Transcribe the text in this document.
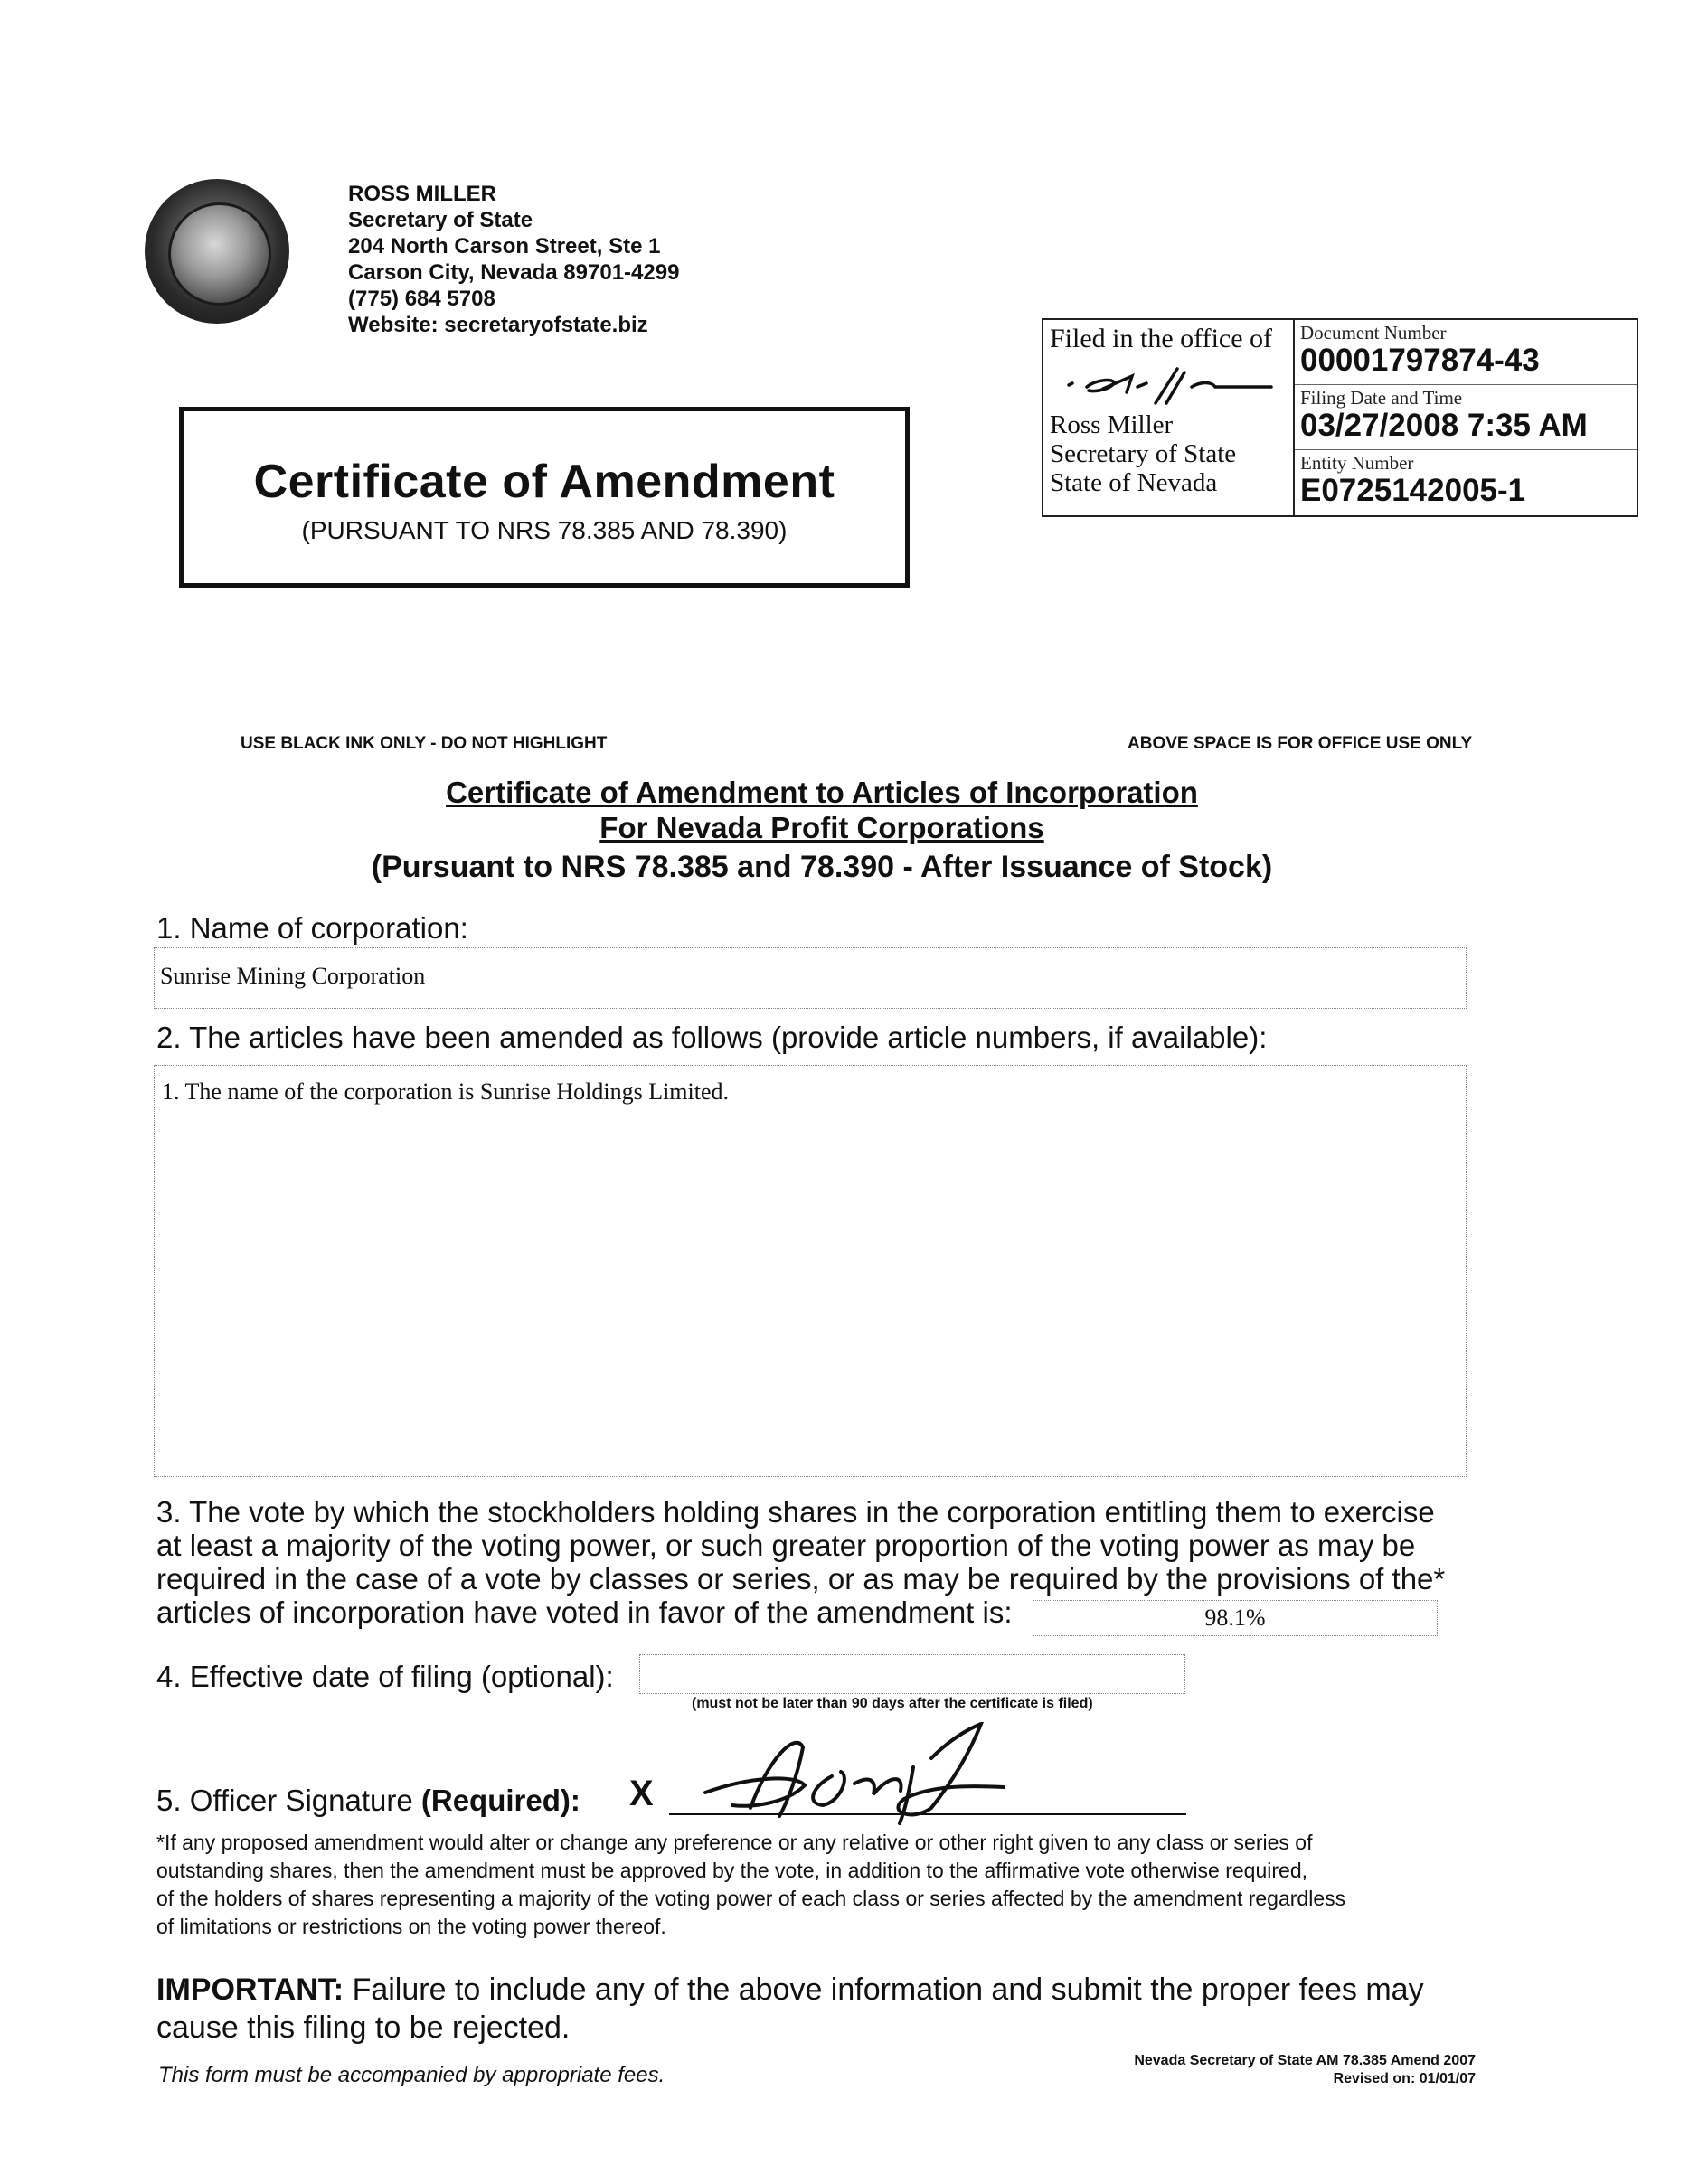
ROSS MILLER
Secretary of State
204 North Carson Street, Ste 1
Carson City, Nevada 89701-4299
(775) 684 5708
Website: secretaryofstate.biz
Certificate of Amendment
(PURSUANT TO NRS 78.385 AND 78.390)
Filed in the office of
Ross Miller
Secretary of State
State of Nevada
Document Number
00001797874-43
Filing Date and Time
03/27/2008 7:35 AM
Entity Number
E0725142005-1
USE BLACK INK ONLY - DO NOT HIGHLIGHT	ABOVE SPACE IS FOR OFFICE USE ONLY
Certificate of Amendment to Articles of Incorporation
For Nevada Profit Corporations
(Pursuant to NRS 78.385 and 78.390 - After Issuance of Stock)
1. Name of corporation:
Sunrise Mining Corporation
2. The articles have been amended as follows (provide article numbers, if available):
1. The name of the corporation is Sunrise Holdings Limited.
3. The vote by which the stockholders holding shares in the corporation entitling them to exercise
at least a majority of the voting power, or such greater proportion of the voting power as may be
required in the case of a vote by classes or series, or as may be required by the provisions of the*
articles of incorporation have voted in favor of the amendment is:	98.1%
4. Effective date of filing (optional):
(must not be later than 90 days after the certificate is filed)
5. Officer Signature (Required): X
*If any proposed amendment would alter or change any preference or any relative or other right given to any class or series of
outstanding shares, then the amendment must be approved by the vote, in addition to the affirmative vote otherwise required,
of the holders of shares representing a majority of the voting power of each class or series affected by the amendment regardless
of limitations or restrictions on the voting power thereof.
IMPORTANT: Failure to include any of the above information and submit the proper fees may
cause this filing to be rejected.
This form must be accompanied by appropriate fees.
Nevada Secretary of State AM 78.385 Amend 2007
Revised on: 01/01/07
